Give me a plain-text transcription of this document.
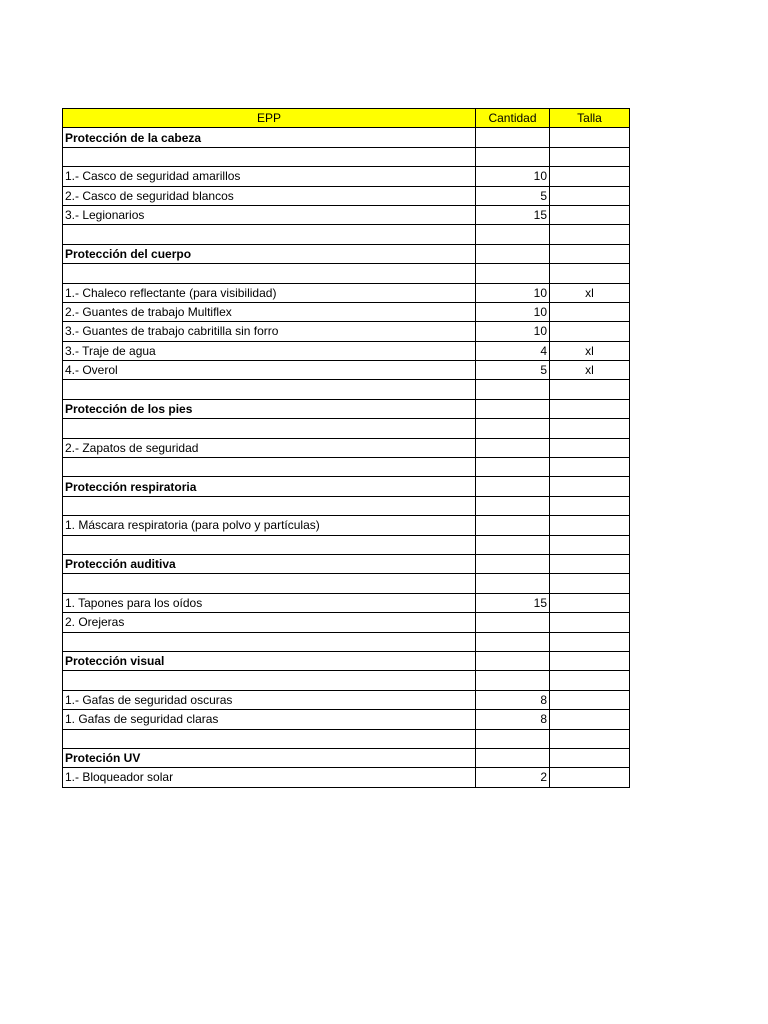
EPP	Cantidad	Talla
Protección de la cabeza		

1.- Casco de seguridad amarillos	10	
2.- Casco de seguridad blancos	5	
3.- Legionarios	15	

Protección del cuerpo		

1.- Chaleco reflectante (para visibilidad)	10	xl
2.- Guantes de trabajo Multiflex	10	
3.- Guantes de trabajo cabritilla sin forro	10	
3.- Traje de agua	4	xl
4.- Overol	5	xl

Protección de los pies		

2.- Zapatos de seguridad		

Protección respiratoria		

1. Máscara respiratoria (para polvo y partículas)		

Protección auditiva		

1. Tapones para los oídos	15	
2. Orejeras		

Protección visual		

1.- Gafas de seguridad oscuras	8	
1. Gafas de seguridad claras	8	

Proteción UV		
1.- Bloqueador solar	2	
